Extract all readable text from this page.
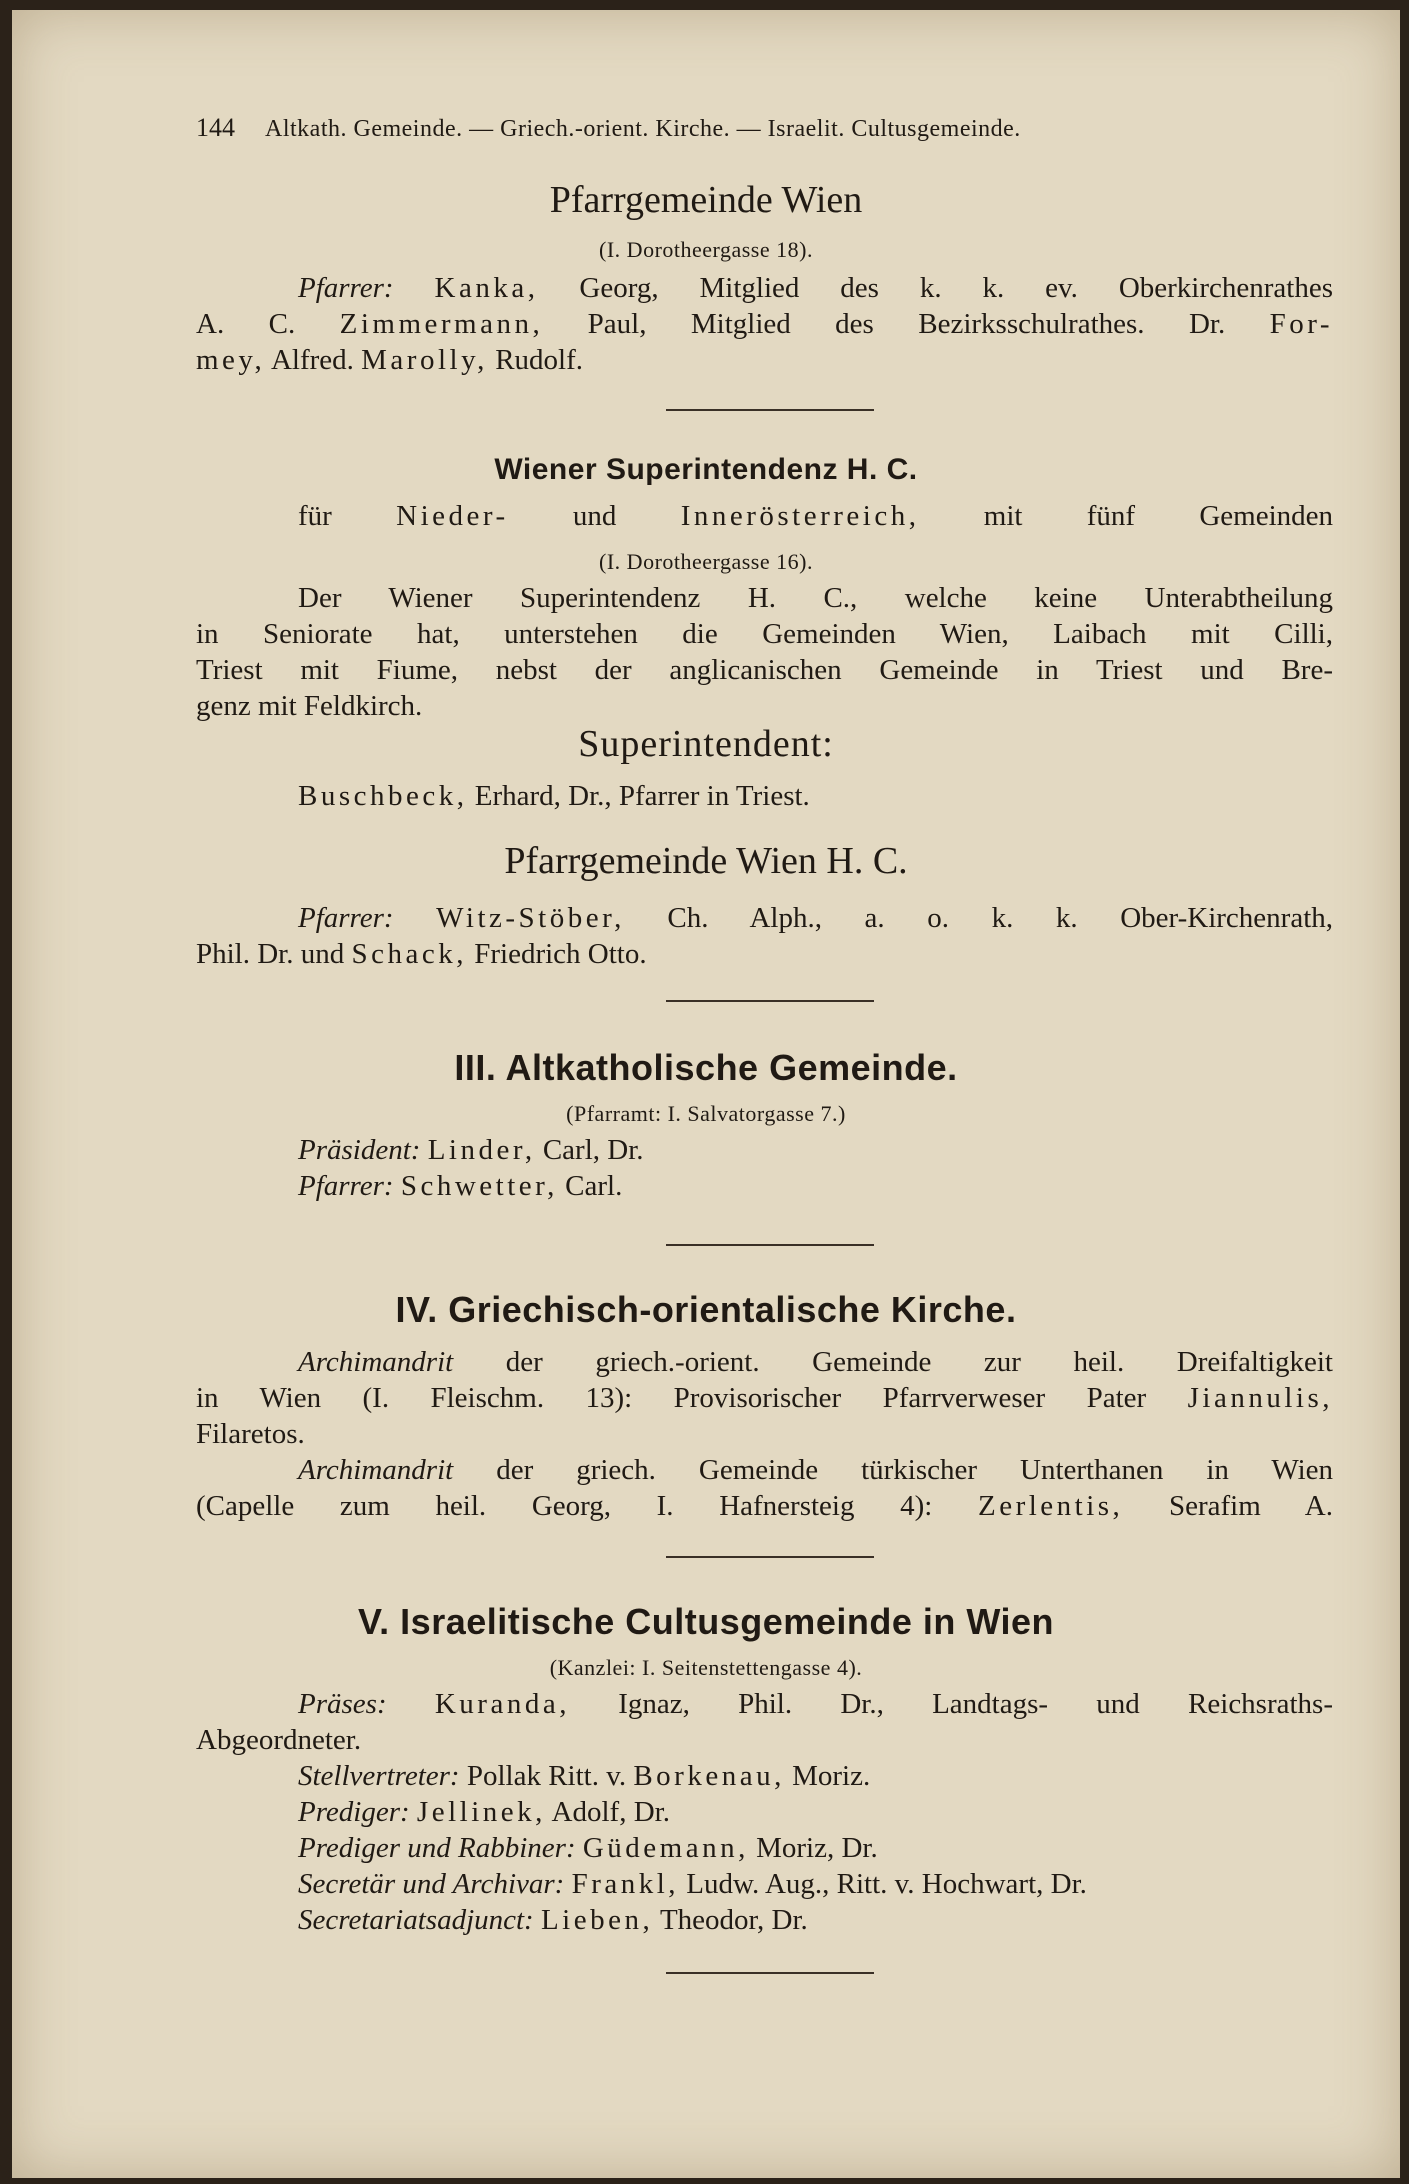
144 Altkath. Gemeinde. — Griech.-orient. Kirche. — Israelit. Cultusgemeinde.
Pfarrgemeinde Wien
(I. Dorotheergasse 18).
Pfarrer: Kanka, Georg, Mitglied des k. k. ev. Oberkirchenrathes
A. C. Zimmermann, Paul, Mitglied des Bezirksschulrathes. Dr. For-
mey, Alfred. Marolly, Rudolf.
Wiener Superintendenz H. C.
für Nieder- und Innerösterreich, mit fünf Gemeinden
(I. Dorotheergasse 16).
Der Wiener Superintendenz H. C., welche keine Unterabtheilung
in Seniorate hat, unterstehen die Gemeinden Wien, Laibach mit Cilli,
Triest mit Fiume, nebst der anglicanischen Gemeinde in Triest und Bre-
genz mit Feldkirch.
Superintendent:
Buschbeck, Erhard, Dr., Pfarrer in Triest.
Pfarrgemeinde Wien H. C.
Pfarrer: Witz-Stöber, Ch. Alph., a. o. k. k. Ober-Kirchenrath,
Phil. Dr. und Schack, Friedrich Otto.
III. Altkatholische Gemeinde.
(Pfarramt: I. Salvatorgasse 7.)
Präsident: Linder, Carl, Dr.
Pfarrer: Schwetter, Carl.
IV. Griechisch-orientalische Kirche.
Archimandrit der griech.-orient. Gemeinde zur heil. Dreifaltigkeit
in Wien (I. Fleischm. 13): Provisorischer Pfarrverweser Pater Jiannulis,
Filaretos.
Archimandrit der griech. Gemeinde türkischer Unterthanen in Wien
(Capelle zum heil. Georg, I. Hafnersteig 4): Zerlentis, Serafim A.
V. Israelitische Cultusgemeinde in Wien
(Kanzlei: I. Seitenstettengasse 4).
Präses: Kuranda, Ignaz, Phil. Dr., Landtags- und Reichsraths-
Abgeordneter.
Stellvertreter: Pollak Ritt. v. Borkenau, Moriz.
Prediger: Jellinek, Adolf, Dr.
Prediger und Rabbiner: Güdemann, Moriz, Dr.
Secretär und Archivar: Frankl, Ludw. Aug., Ritt. v. Hochwart, Dr.
Secretariatsadjunct: Lieben, Theodor, Dr.
